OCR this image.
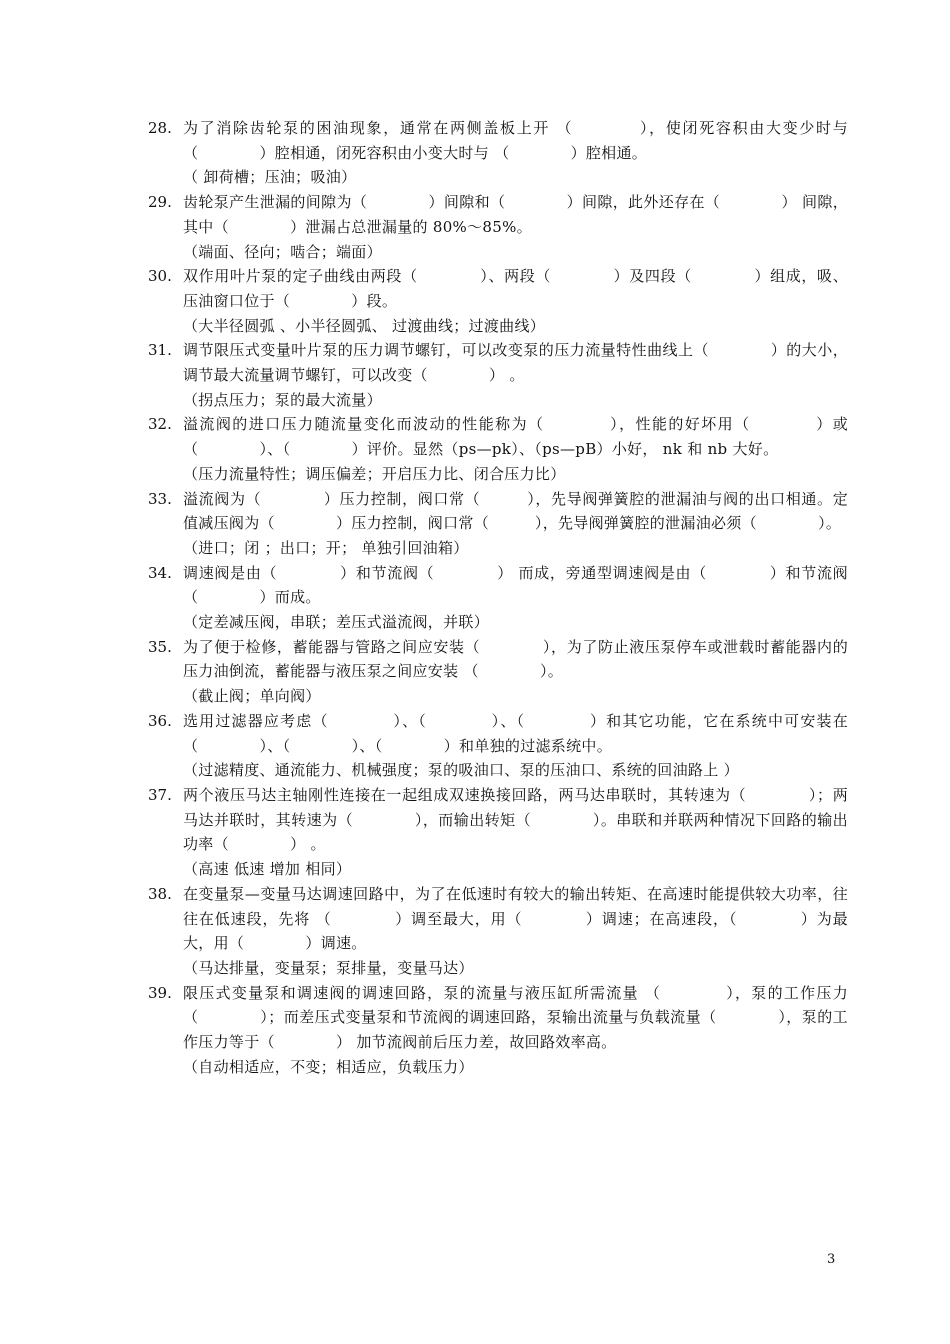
28. 为了消除齿轮泵的困油现象，通常在两侧盖板上开 （　　　　），使闭死容积由大变少时与（　　　　）腔相通，闭死容积由小变大时与 （　　　　）腔相通。

（ 卸荷槽；压油；吸油）

29. 齿轮泵产生泄漏的间隙为（　　　　）间隙和（　　　　）间隙，此外还存在（　　　　） 间隙，其中（　　　　）泄漏占总泄漏量的 80%～85%。

（端面、径向；啮合；端面）

30. 双作用叶片泵的定子曲线由两段（　　　　）、两段（　　　　）及四段（　　　　）组成，吸、压油窗口位于（　　　　）段。

（大半径圆弧 、小半径圆弧、 过渡曲线；过渡曲线）

31. 调节限压式变量叶片泵的压力调节螺钉，可以改变泵的压力流量特性曲线上（　　　　）的大小，调节最大流量调节螺钉，可以改变（　　　　） 。

（拐点压力；泵的最大流量）

32. 溢流阀的进口压力随流量变化而波动的性能称为（　　　　），性能的好坏用（　　　　）或（　　　　）、（　　　　）评价。显然（ps—pk）、（ps—pB）小好， nk 和 nb 大好。

（压力流量特性；调压偏差；开启压力比、闭合压力比）

33. 溢流阀为（　　　　）压力控制，阀口常（　　　），先导阀弹簧腔的泄漏油与阀的出口相通。定值减压阀为（　　　　）压力控制，阀口常（　　　），先导阀弹簧腔的泄漏油必须（　　　　）。

（进口；闭 ；出口；开； 单独引回油箱）

34. 调速阀是由（　　　　）和节流阀（　　　　） 而成，旁通型调速阀是由（　　　　）和节流阀（　　　　）而成。

（定差减压阀，串联；差压式溢流阀，并联）

35. 为了便于检修，蓄能器与管路之间应安装（　　　　），为了防止液压泵停车或泄载时蓄能器内的压力油倒流，蓄能器与液压泵之间应安装 （　　　　）。

（截止阀；单向阀）

36. 选用过滤器应考虑（　　　　）、（　　　　）、（　　　　）和其它功能，它在系统中可安装在（　　　　）、（　　　　）、（　　　　）和单独的过滤系统中。

（过滤精度、通流能力、机械强度；泵的吸油口、泵的压油口、系统的回油路上 ）

37. 两个液压马达主轴刚性连接在一起组成双速换接回路，两马达串联时，其转速为（　　　　）；两马达并联时，其转速为（　　　　），而输出转矩（　　　　）。串联和并联两种情况下回路的输出功率（　　　　） 。

（高速 低速 增加 相同）

38. 在变量泵—变量马达调速回路中，为了在低速时有较大的输出转矩、在高速时能提供较大功率，往往在低速段，先将 （　　　　）调至最大，用（　　　　）调速；在高速段，（　　　　）为最大，用（　　　　）调速。

（马达排量，变量泵；泵排量，变量马达）

39. 限压式变量泵和调速阀的调速回路，泵的流量与液压缸所需流量 （　　　　），泵的工作压力（　　　　）；而差压式变量泵和节流阀的调速回路，泵输出流量与负载流量（　　　　），泵的工作压力等于（　　　　） 加节流阀前后压力差，故回路效率高。

（自动相适应，不变；相适应，负载压力）

3
